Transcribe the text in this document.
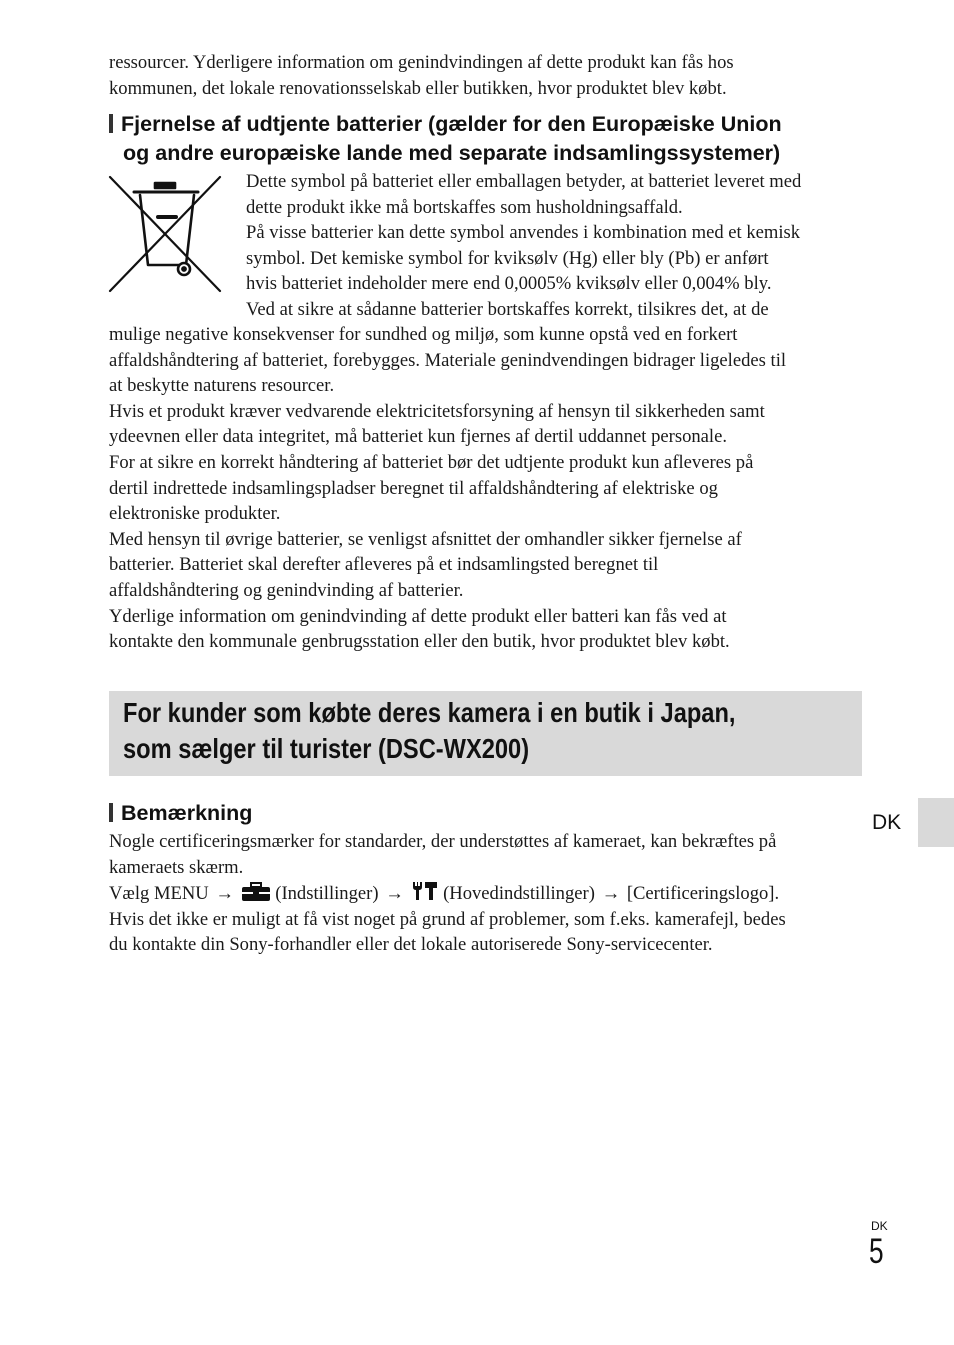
ressourcer. Yderligere information om genindvindingen af dette produkt kan fås hos
kommunen, det lokale renovationsselskab eller butikken, hvor produktet blev købt.
Fjernelse af udtjente batterier (gælder for den Europæiske Union
og andre europæiske lande med separate indsamlingssystemer)
Dette symbol på batteriet eller emballagen betyder, at batteriet leveret med
dette produkt ikke må bortskaffes som husholdningsaffald.
På visse batterier kan dette symbol anvendes i kombination med et kemisk
symbol. Det kemiske symbol for kviksølv (Hg) eller bly (Pb) er anført
hvis batteriet indeholder mere end 0,0005% kviksølv eller 0,004% bly.
Ved at sikre at sådanne batterier bortskaffes korrekt, tilsikres det, at de
mulige negative konsekvenser for sundhed og miljø, som kunne opstå ved en forkert
affaldshåndtering af batteriet, forebygges. Materiale genindvendingen bidrager ligeledes til
at beskytte naturens resourcer.
Hvis et produkt kræver vedvarende elektricitetsforsyning af hensyn til sikkerheden samt
ydeevnen eller data integritet, må batteriet kun fjernes af dertil uddannet personale.
For at sikre en korrekt håndtering af batteriet bør det udtjente produkt kun afleveres på
dertil indrettede indsamlingspladser beregnet til affaldshåndtering af elektriske og
elektroniske produkter.
Med hensyn til øvrige batterier, se venligst afsnittet der omhandler sikker fjernelse af
batterier. Batteriet skal derefter afleveres på et indsamlingsted beregnet til
affaldshåndtering og genindvinding af batterier.
Yderlige information om genindvinding af dette produkt eller batteri kan fås ved at
kontakte den kommunale genbrugsstation eller den butik, hvor produktet blev købt.
For kunder som købte deres kamera i en butik i Japan,
som sælger til turister (DSC-WX200)
Bemærkning
Nogle certificeringsmærker for standarder, der understøttes af kameraet, kan bekræftes på
kameraets skærm.
Vælg MENU → (Indstillinger) → (Hovedindstillinger) → [Certificeringslogo].
Hvis det ikke er muligt at få vist noget på grund af problemer, som f.eks. kamerafejl, bedes
du kontakte din Sony-forhandler eller det lokale autoriserede Sony-servicecenter.
DK
DK
5
